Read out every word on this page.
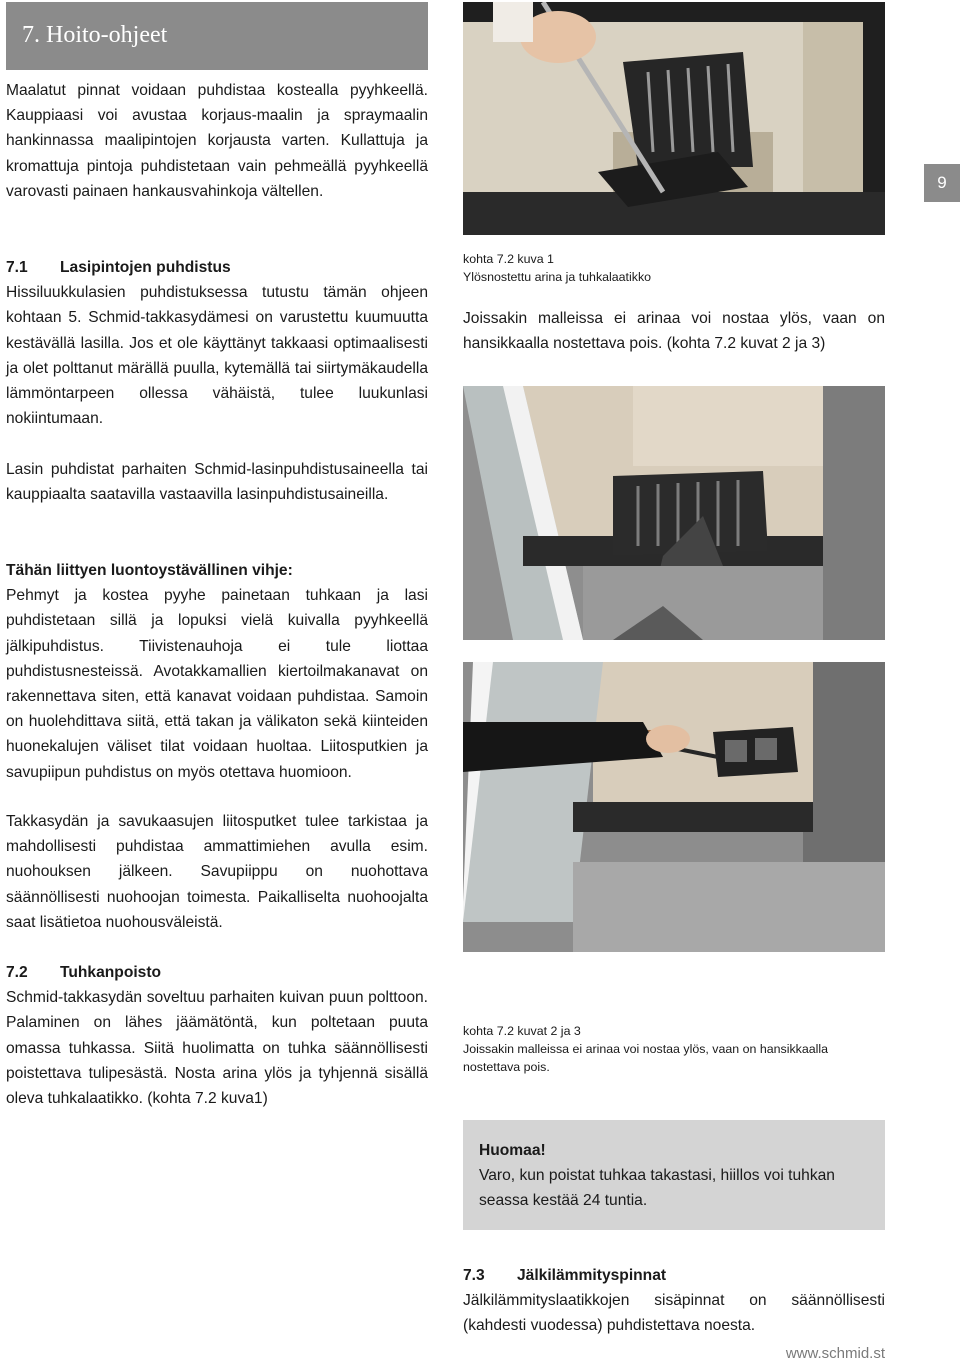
7. Hoito-ohjeet
9

Maalatut pinnat voidaan puhdistaa kostealla pyyhkeellä. Kauppiaasi voi avustaa korjaus-maalin ja spraymaalin hankinnassa maalipintojen korjausta varten. Kullattuja ja kromattuja pintoja puhdistetaan vain pehmeällä pyyhkeellä varovasti painaen hankausvahinkoja vältellen.

7.1 Lasipintojen puhdistus
Hissiluukkulasien puhdistuksessa tutustu tämän ohjeen kohtaan 5. Schmid-takkasydämesi on varustettu kuumuutta kestävällä lasilla. Jos et ole käyttänyt takkaasi optimaalisesti ja olet polttanut märällä puulla, kytemällä tai siirtymäkaudella lämmöntarpeen ollessa vähäistä, tulee luukunlasi nokiintumaan.

Lasin puhdistat parhaiten Schmid-lasinpuhdistusaineella tai kauppiaalta saatavilla vastaavilla lasinpuhdistusaineilla.

Tähän liittyen luontoystävällinen vihje:
Pehmyt ja kostea pyyhe painetaan tuhkaan ja lasi puhdistetaan sillä ja lopuksi vielä kuivalla pyyhkeellä jälkipuhdistus. Tiivistenauhoja ei tule liottaa puhdistusnesteissä. Avotakkamallien kiertoilmakanavat on rakennettava siten, että kanavat voidaan puhdistaa. Samoin on huolehdittava siitä, että takan ja välikaton sekä kiinteiden huonekalujen väliset tilat voidaan huoltaa. Liitosputkien ja savupiipun puhdistus on myös otettava huomioon.

Takkasydän ja savukaasujen liitosputket tulee tarkistaa ja mahdollisesti puhdistaa ammattimiehen avulla esim. nuohouksen jälkeen. Savupiippu on nuohottava säännöllisesti nuohoojan toimesta. Paikalliselta nuohoojalta saat lisätietoa nuohousväleistä.

7.2 Tuhkanpoisto
Schmid-takkasydän soveltuu parhaiten kuivan puun polttoon. Palaminen on lähes jäämätöntä, kun poltetaan puuta omassa tuhkassa. Siitä huolimatta on tuhka säännöllisesti poistettava tulipesästä. Nosta arina ylös ja tyhjennä sisällä oleva tuhkalaatikko. (kohta 7.2 kuva1)
kohta 7.2 kuva 1
Ylösnostettu arina ja tuhkalaatikko

Joissakin malleissa ei arinaa voi nostaa ylös, vaan on hansikkaalla nostettava pois. (kohta 7.2 kuvat 2 ja 3)

kohta 7.2 kuvat 2 ja 3
Joissakin malleissa ei arinaa voi nostaa ylös, vaan on hansikkaalla nostettava pois.
Huomaa!
Varo, kun poistat tuhkaa takastasi, hiillos voi tuhkan seassa kestää 24 tuntia.
7.3 Jälkilämmityspinnat
Jälkilämmityslaatikkojen sisäpinnat on säännöllisesti (kahdesti vuodessa) puhdistettava noesta.
www.schmid.st
